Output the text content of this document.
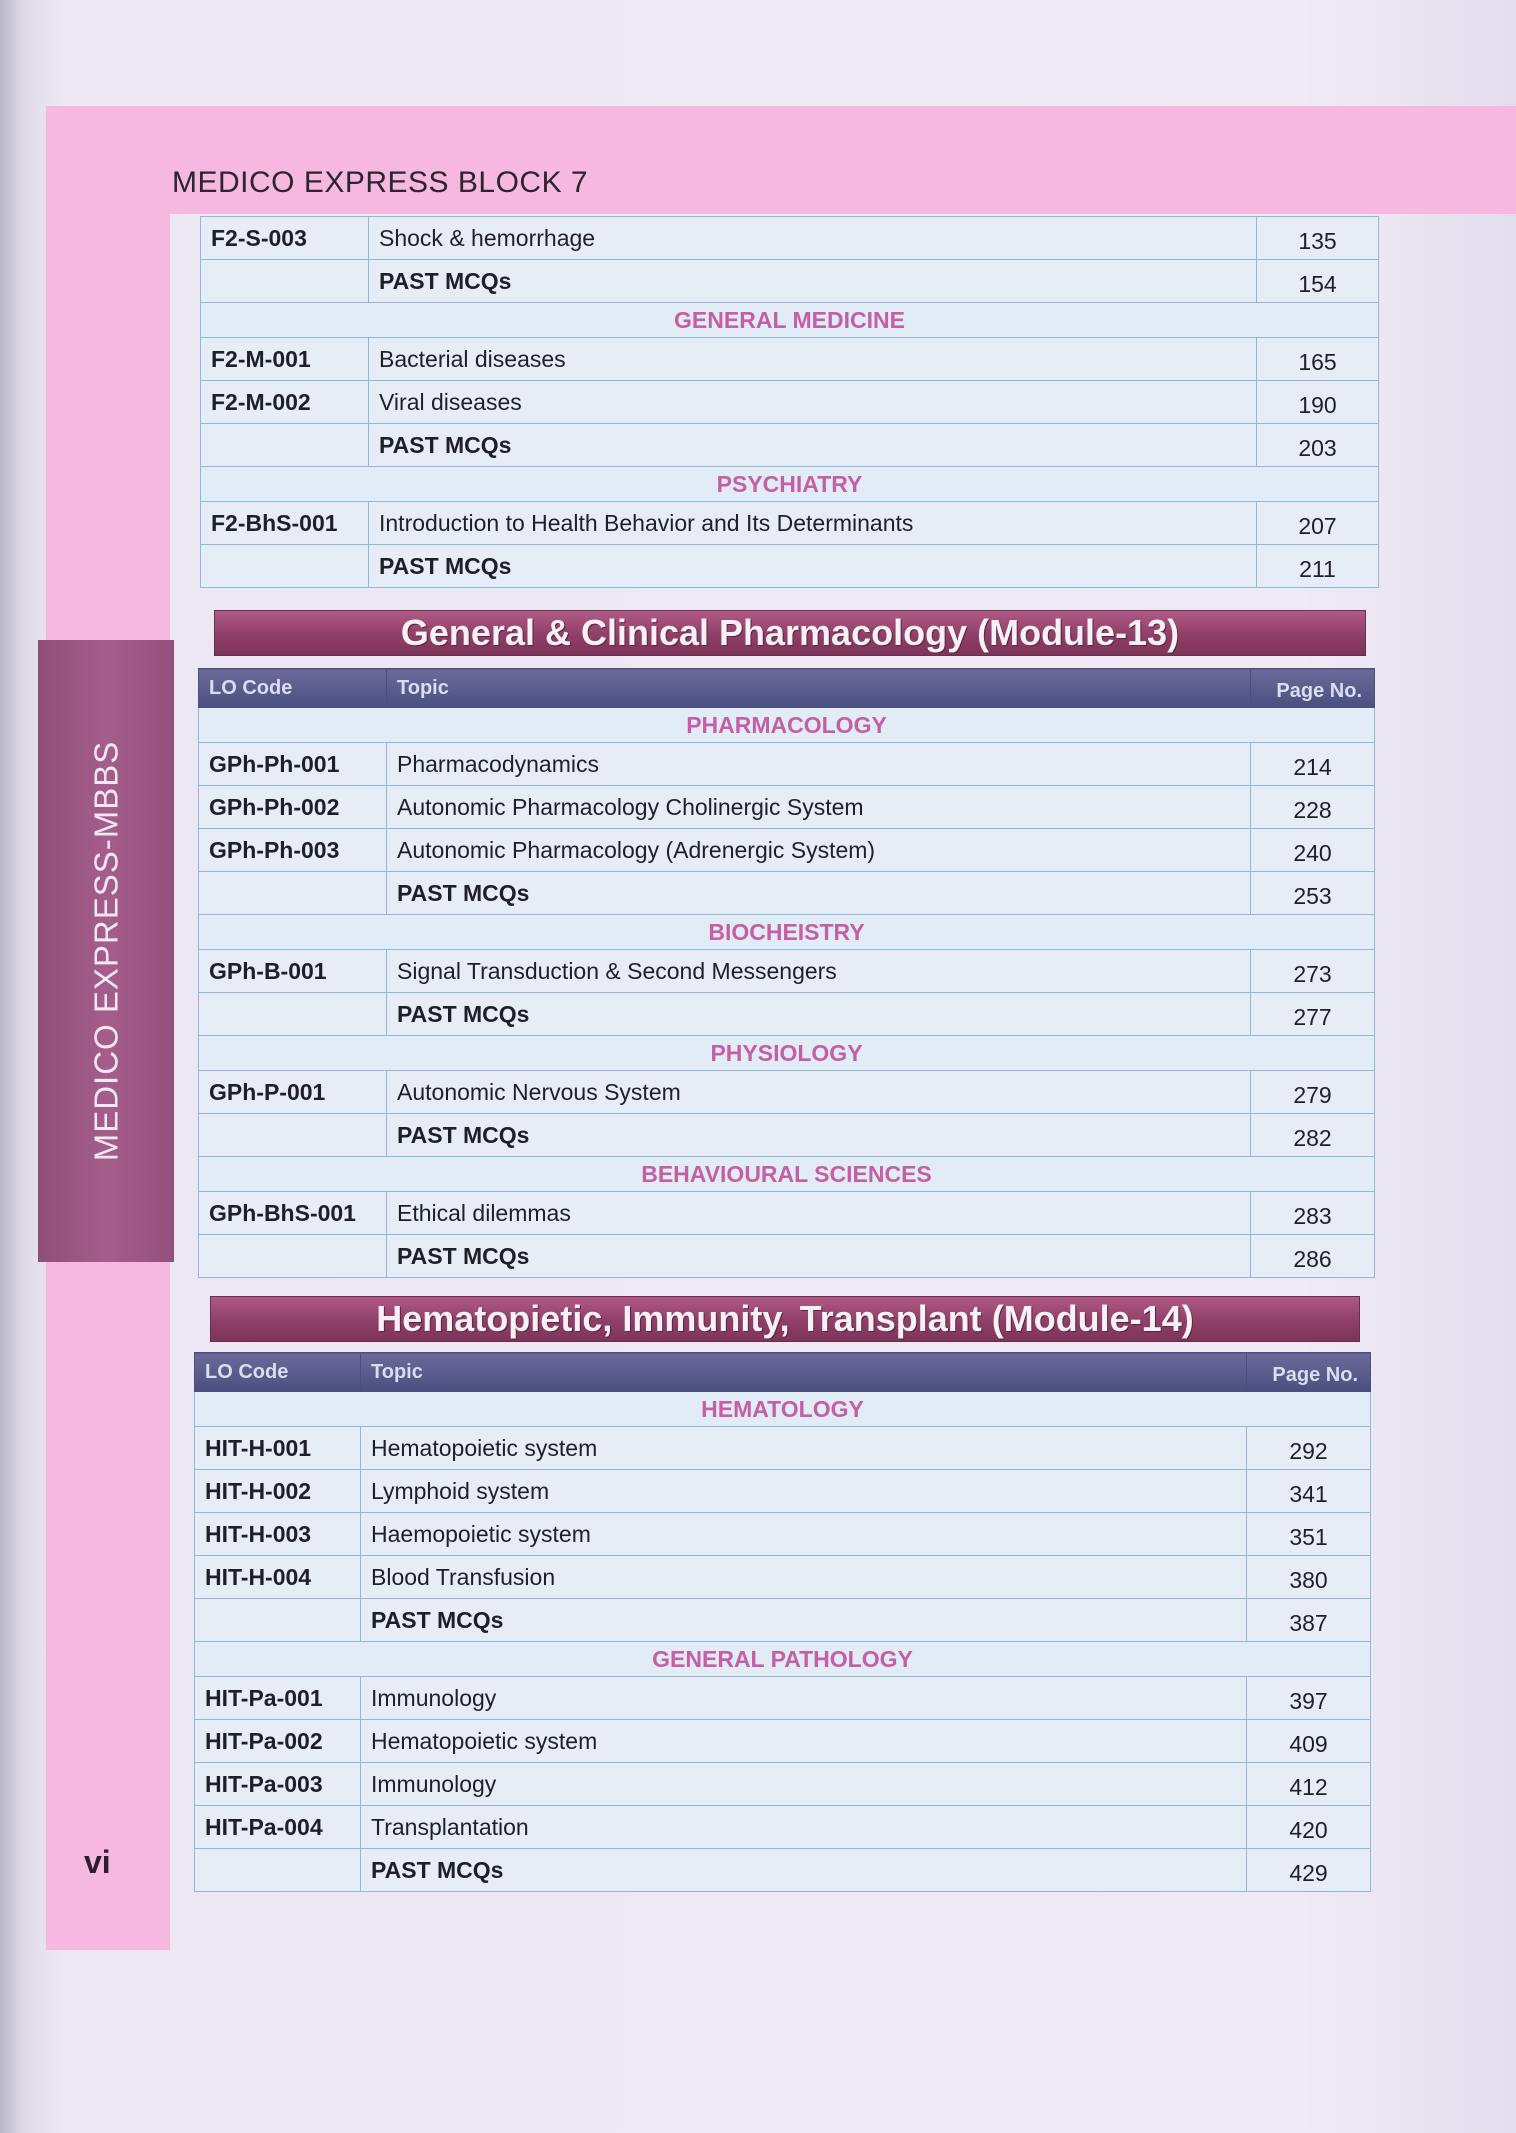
MEDICO EXPRESS-MBBS
MEDICO EXPRESS BLOCK 7
F2-S-003	Shock & hemorrhage	135
	PAST MCQs	154
GENERAL MEDICINE		
F2-M-001	Bacterial diseases	165
F2-M-002	Viral diseases	190
	PAST MCQs	203
PSYCHIATRY		
F2-BhS-001	Introduction to Health Behavior and Its Determinants	207
	PAST MCQs	211
General & Clinical Pharmacology (Module-13)
LO Code	Topic	Page No.
PHARMACOLOGY		
GPh-Ph-001	Pharmacodynamics	214
GPh-Ph-002	Autonomic Pharmacology Cholinergic System	228
GPh-Ph-003	Autonomic Pharmacology (Adrenergic System)	240
	PAST MCQs	253
BIOCHEISTRY		
GPh-B-001	Signal Transduction & Second Messengers	273
	PAST MCQs	277
PHYSIOLOGY		
GPh-P-001	Autonomic Nervous System	279
	PAST MCQs	282
BEHAVIOURAL SCIENCES		
GPh-BhS-001	Ethical dilemmas	283
	PAST MCQs	286
Hematopietic, Immunity, Transplant (Module-14)
LO Code	Topic	Page No.
HEMATOLOGY		
HIT-H-001	Hematopoietic system	292
HIT-H-002	Lymphoid system	341
HIT-H-003	Haemopoietic system	351
HIT-H-004	Blood Transfusion	380
	PAST MCQs	387
GENERAL PATHOLOGY		
HIT-Pa-001	Immunology	397
HIT-Pa-002	Hematopoietic system	409
HIT-Pa-003	Immunology	412
HIT-Pa-004	Transplantation	420
	PAST MCQs	429
vi
